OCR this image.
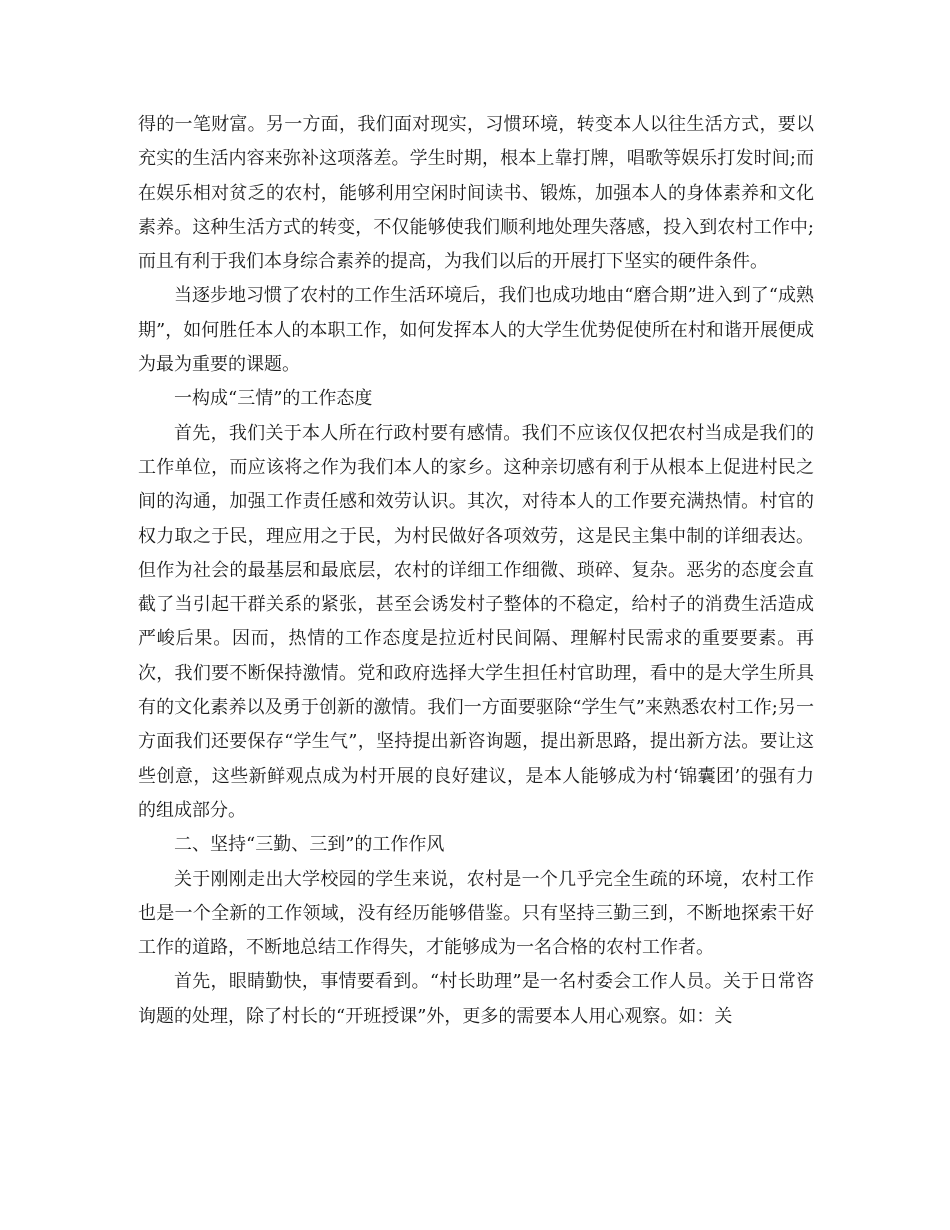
得的一笔财富。另一方面，我们面对现实，习惯环境，转变本人以往生活方式，要以充实的生活内容来弥补这项落差。学生时期，根本上靠打牌，唱歌等娱乐打发时间;而在娱乐相对贫乏的农村，能够利用空闲时间读书、锻炼，加强本人的身体素养和文化素养。这种生活方式的转变，不仅能够使我们顺利地处理失落感，投入到农村工作中;而且有利于我们本身综合素养的提高，为我们以后的开展打下坚实的硬件条件。

当逐步地习惯了农村的工作生活环境后，我们也成功地由“磨合期”进入到了“成熟期”，如何胜任本人的本职工作，如何发挥本人的大学生优势促使所在村和谐开展便成为最为重要的课题。

一构成“三情”的工作态度

首先，我们关于本人所在行政村要有感情。我们不应该仅仅把农村当成是我们的工作单位，而应该将之作为我们本人的家乡。这种亲切感有利于从根本上促进村民之间的沟通，加强工作责任感和效劳认识。其次，对待本人的工作要充满热情。村官的权力取之于民，理应用之于民，为村民做好各项效劳，这是民主集中制的详细表达。但作为社会的最基层和最底层，农村的详细工作细微、琐碎、复杂。恶劣的态度会直截了当引起干群关系的紧张，甚至会诱发村子整体的不稳定，给村子的消费生活造成严峻后果。因而，热情的工作态度是拉近村民间隔、理解村民需求的重要要素。再次，我们要不断保持激情。党和政府选择大学生担任村官助理，看中的是大学生所具有的文化素养以及勇于创新的激情。我们一方面要驱除“学生气”来熟悉农村工作;另一方面我们还要保存“学生气”，坚持提出新咨询题，提出新思路，提出新方法。要让这些创意，这些新鲜观点成为村开展的良好建议，是本人能够成为村‘锦囊团’的强有力的组成部分。

二、坚持“三勤、三到”的工作作风

关于刚刚走出大学校园的学生来说，农村是一个几乎完全生疏的环境，农村工作也是一个全新的工作领域，没有经历能够借鉴。只有坚持三勤三到，不断地探索干好工作的道路，不断地总结工作得失，才能够成为一名合格的农村工作者。

首先，眼睛勤快，事情要看到。“村长助理”是一名村委会工作人员。关于日常咨询题的处理，除了村长的“开班授课”外，更多的需要本人用心观察。如：关
